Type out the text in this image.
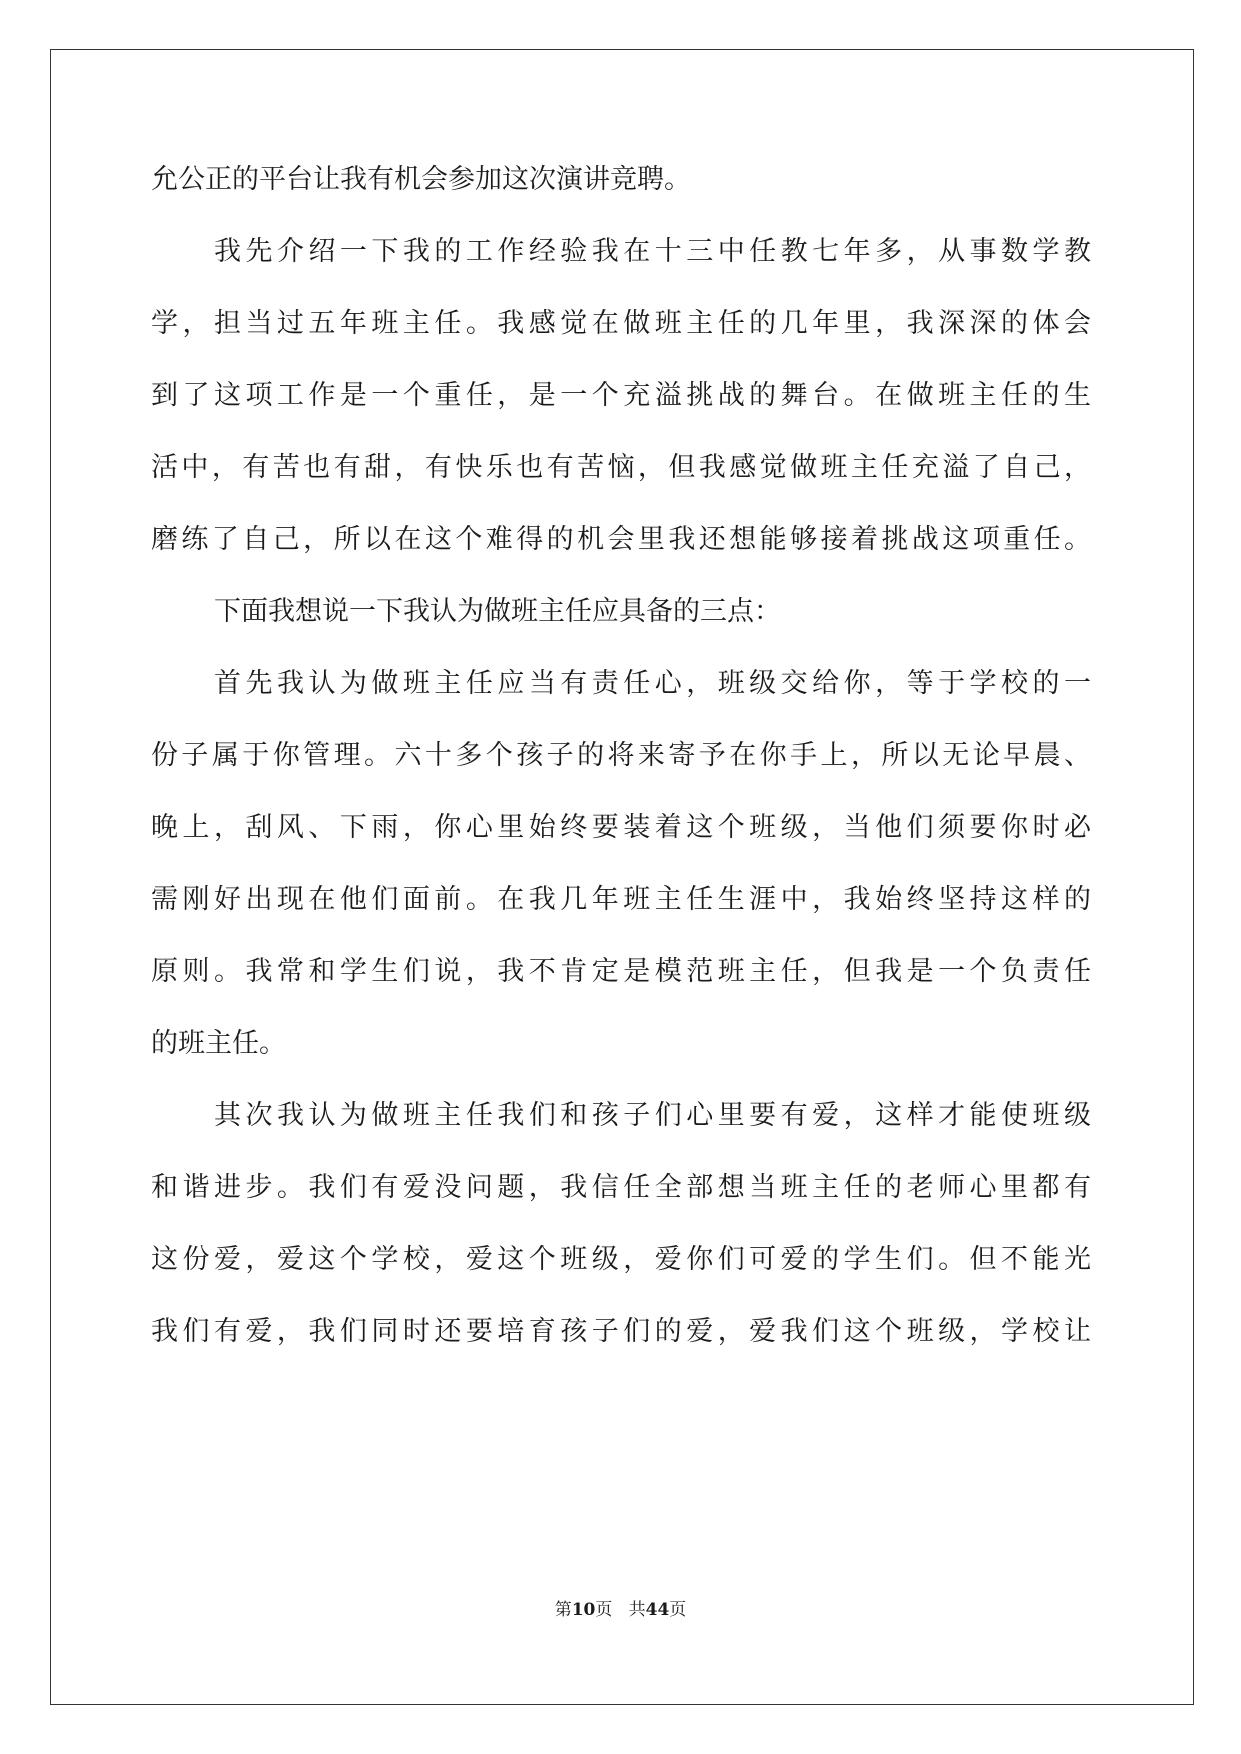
允公正的平台让我有机会参加这次演讲竞聘。
我先介绍一下我的工作经验我在十三中任教七年多，从事数学教
学，担当过五年班主任。我感觉在做班主任的几年里，我深深的体会
到了这项工作是一个重任，是一个充溢挑战的舞台。在做班主任的生
活中，有苦也有甜，有快乐也有苦恼，但我感觉做班主任充溢了自己，
磨练了自己，所以在这个难得的机会里我还想能够接着挑战这项重任。
下面我想说一下我认为做班主任应具备的三点：
首先我认为做班主任应当有责任心，班级交给你，等于学校的一
份子属于你管理。六十多个孩子的将来寄予在你手上，所以无论早晨、
晚上，刮风、下雨，你心里始终要装着这个班级，当他们须要你时必
需刚好出现在他们面前。在我几年班主任生涯中，我始终坚持这样的
原则。我常和学生们说，我不肯定是模范班主任，但我是一个负责任
的班主任。
其次我认为做班主任我们和孩子们心里要有爱，这样才能使班级
和谐进步。我们有爱没问题，我信任全部想当班主任的老师心里都有
这份爱，爱这个学校，爱这个班级，爱你们可爱的学生们。但不能光
我们有爱，我们同时还要培育孩子们的爱，爱我们这个班级，学校让
第10页 共44页
